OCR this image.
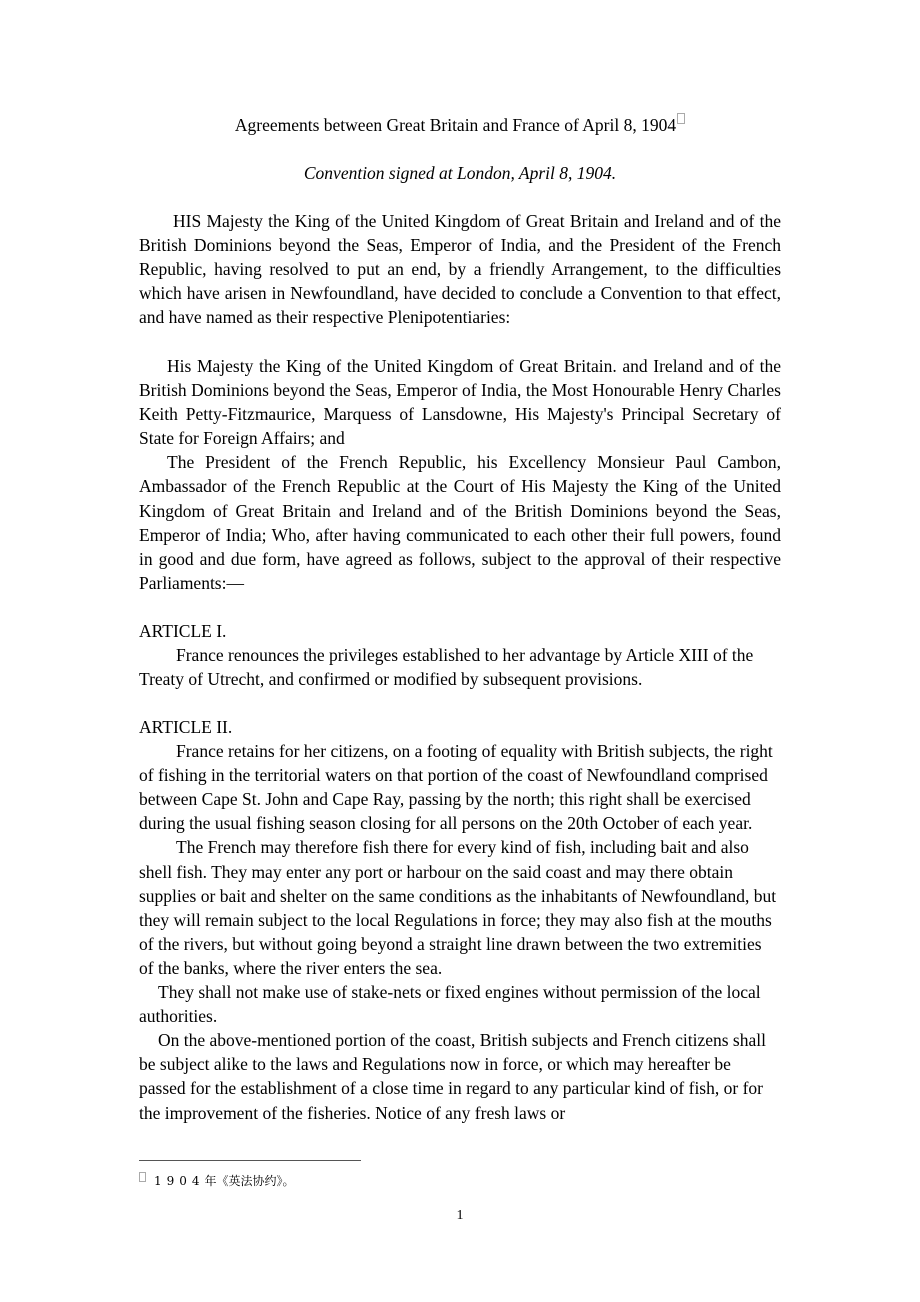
Agreements between Great Britain and France of April 8, 1904
Convention signed at London, April 8, 1904.

HIS Majesty the King of the United Kingdom of Great Britain and Ireland and of the British Dominions beyond the Seas, Emperor of India, and the President of the French Republic, having resolved to put an end, by a friendly Arrangement, to the difficulties which have arisen in Newfoundland, have decided to conclude a Convention to that effect, and have named as their respective Plenipotentiaries:

His Majesty the King of the United Kingdom of Great Britain. and Ireland and of the British Dominions beyond the Seas, Emperor of India, the Most Honourable Henry Charles Keith Petty-Fitzmaurice, Marquess of Lansdowne, His Majesty's Principal Secretary of State for Foreign Affairs; and

The President of the French Republic, his Excellency Monsieur Paul Cambon, Ambassador of the French Republic at the Court of His Majesty the King of the United Kingdom of Great Britain and Ireland and of the British Dominions beyond the Seas, Emperor of India; Who, after having communicated to each other their full powers, found in good and due form, have agreed as follows, subject to the approval of their respective Parliaments:—

ARTICLE I.

France renounces the privileges established to her advantage by Article XIII of the Treaty of Utrecht, and confirmed or modified by subsequent provisions.

ARTICLE II.

France retains for her citizens, on a footing of equality with British subjects, the right of fishing in the territorial waters on that portion of the coast of Newfoundland comprised between Cape St. John and Cape Ray, passing by the north; this right shall be exercised during the usual fishing season closing for all persons on the 20th October of each year.

The French may therefore fish there for every kind of fish, including bait and also shell fish. They may enter any port or harbour on the said coast and may there obtain supplies or bait and shelter on the same conditions as the inhabitants of Newfoundland, but they will remain subject to the local Regulations in force; they may also fish at the mouths of the rivers, but without going beyond a straight line drawn between the two extremities of the banks, where the river enters the sea.

They shall not make use of stake-nets or fixed engines without permission of the local authorities.

On the above-mentioned portion of the coast, British subjects and French citizens shall be subject alike to the laws and Regulations now in force, or which may hereafter be passed for the establishment of a close time in regard to any particular kind of fish, or for the improvement of the fisheries. Notice of any fresh laws or

1904年《英法协约》。
1
